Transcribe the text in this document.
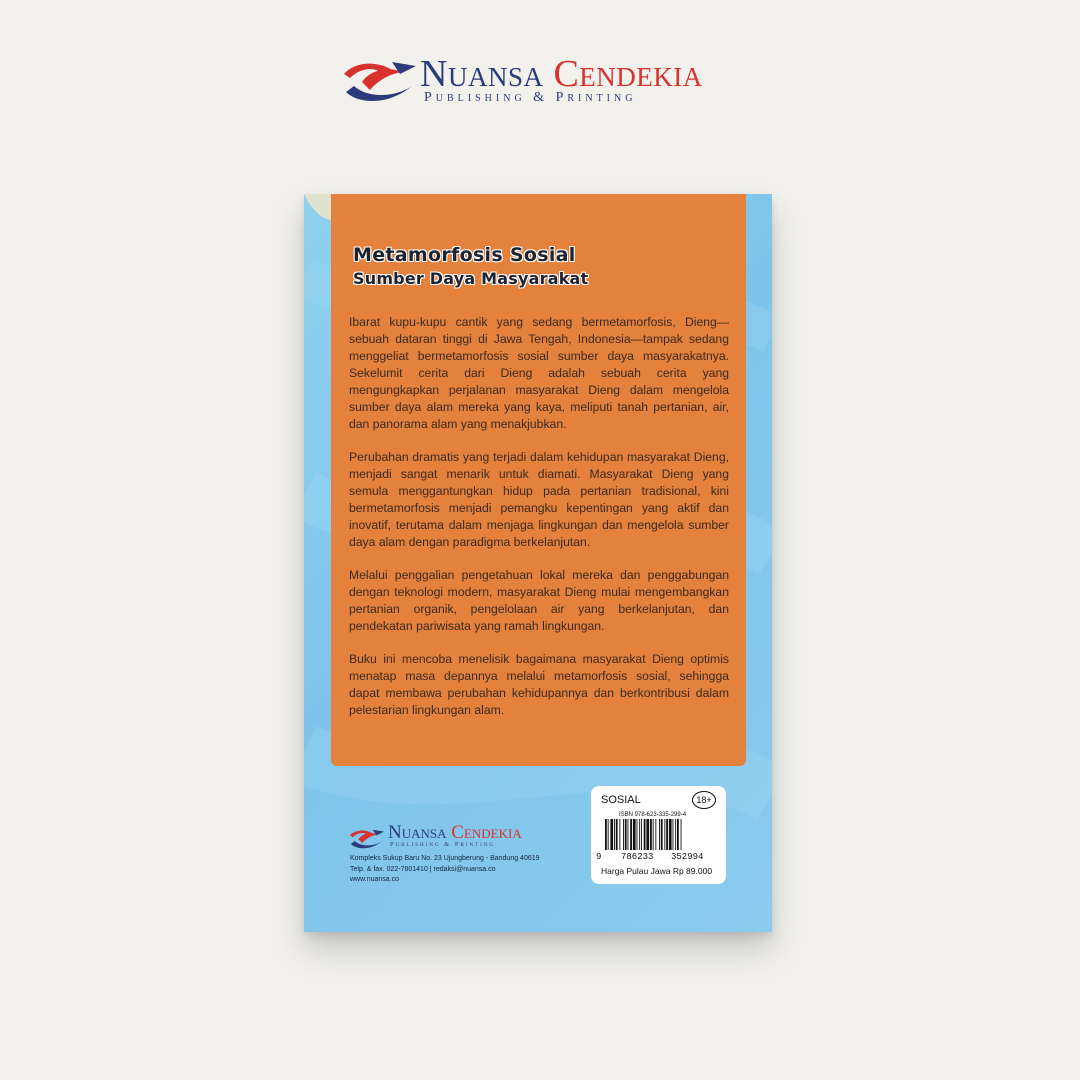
Nuansa Cendekia
Publishing & Printing
Metamorfosis Sosial
Sumber Daya Masyarakat

Ibarat kupu-kupu cantik yang sedang bermetamorfosis, Dieng—sebuah dataran tinggi di Jawa Tengah, Indonesia—tampak sedang menggeliat bermetamorfosis sosial sumber daya masyarakatnya. Sekelumit cerita dari Dieng adalah sebuah cerita yang mengungkapkan perjalanan masyarakat Dieng dalam mengelola sumber daya alam mereka yang kaya, meliputi tanah pertanian, air, dan panorama alam yang menakjubkan.

Perubahan dramatis yang terjadi dalam kehidupan masyarakat Dieng, menjadi sangat menarik untuk diamati. Masyarakat Dieng yang semula menggantungkan hidup pada pertanian tradisional, kini bermetamorfosis menjadi pemangku kepentingan yang aktif dan inovatif, terutama dalam menjaga lingkungan dan mengelola sumber daya alam dengan paradigma berkelanjutan.

Melalui penggalian pengetahuan lokal mereka dan penggabungan dengan teknologi modern, masyarakat Dieng mulai mengembangkan pertanian organik, pengelolaan air yang berkelanjutan, dan pendekatan pariwisata yang ramah lingkungan.

Buku ini mencoba menelisik bagaimana masyarakat Dieng optimis menatap masa depannya melalui metamorfosis sosial, sehingga dapat membawa perubahan kehidupannya dan berkontribusi dalam pelestarian lingkungan alam.

Nuansa Cendekia
Publishing & Printing
Kompleks Sukup Baru No. 23 Ujungberung - Bandung 40619
Telp. & fax. 022-7801410 | redaksi@nuansa.co
www.nuansa.co
SOSIAL	18+
ISBN 978-623-335-299-4
9 786233 352994
Harga Pulau Jawa Rp 89.000
